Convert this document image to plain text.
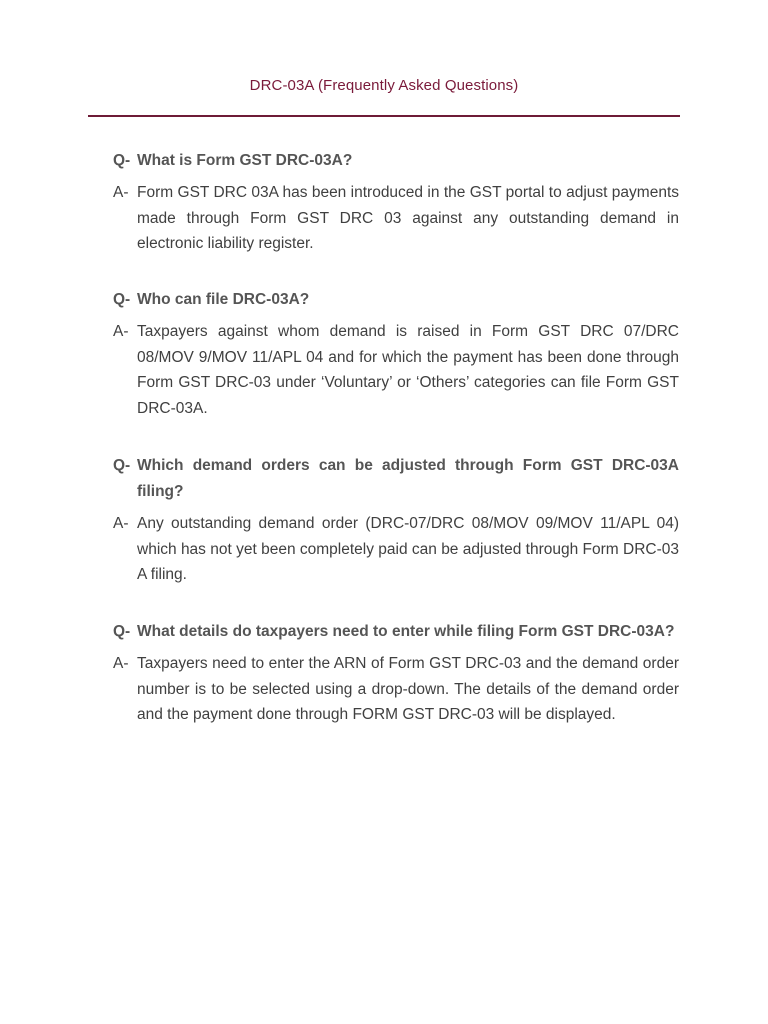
DRC-03A (Frequently Asked Questions)
Q- What is Form GST DRC-03A?
A- Form GST DRC 03A has been introduced in the GST portal to adjust payments made through Form GST DRC 03 against any outstanding demand in electronic liability register.
Q- Who can file DRC-03A?
A- Taxpayers against whom demand is raised in Form GST DRC 07/DRC 08/MOV 9/MOV 11/APL 04 and for which the payment has been done through Form GST DRC-03 under ‘Voluntary’ or ‘Others’ categories can file Form GST DRC-03A.
Q- Which demand orders can be adjusted through Form GST DRC-03A filing?
A- Any outstanding demand order (DRC-07/DRC 08/MOV 09/MOV 11/APL 04) which has not yet been completely paid can be adjusted through Form DRC-03 A filing.
Q- What details do taxpayers need to enter while filing Form GST DRC-03A?
A- Taxpayers need to enter the ARN of Form GST DRC-03 and the demand order number is to be selected using a drop-down. The details of the demand order and the payment done through FORM GST DRC-03 will be displayed.
